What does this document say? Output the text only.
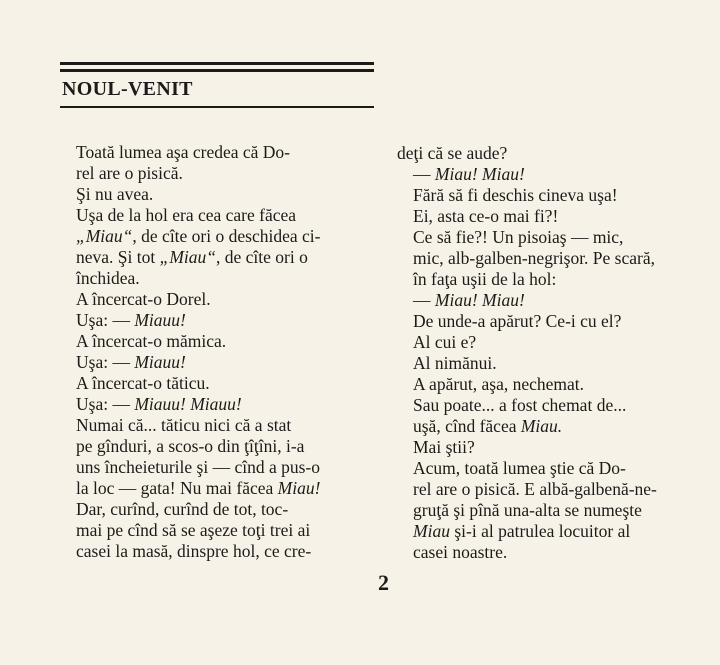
NOUL-VENIT

Toată lumea aşa credea că Do-
rel are o pisică.

Şi nu avea.

Uşa de la hol era cea care făcea
„Miau“, de cîte ori o deschidea ci-
neva. Şi tot „Miau“, de cîte ori o
închidea.

A încercat-o Dorel.

Uşa: — Miauu!

A încercat-o mămica.

Uşa: — Miauu!

A încercat-o tăticu.

Uşa: — Miauu! Miauu!

Numai că... tăticu nici că a stat
pe gînduri, a scos-o din ţîţîni, i-a
uns încheieturile şi — cînd a pus-o
la loc — gata! Nu mai făcea Miau!

Dar, curînd, curînd de tot, toc-
mai pe cînd să se aşeze toţi trei ai
casei la masă, dinspre hol, ce cre-

deţi că se aude?

— Miau! Miau!

Fără să fi deschis cineva uşa!

Ei, asta ce-o mai fi?!

Ce să fie?! Un pisoiaş — mic,
mic, alb-galben-negrişor. Pe scară,
în faţa uşii de la hol:

— Miau! Miau!

De unde-a apărut? Ce-i cu el?
Al cui e?

Al nimănui.

A apărut, aşa, nechemat.

Sau poate... a fost chemat de...
uşă, cînd făcea Miau.

Mai ştii?

Acum, toată lumea ştie că Do-
rel are o pisică. E albă-galbenă-ne-
gruţă şi pînă una-alta se numeşte
Miau şi-i al patrulea locuitor al
casei noastre.

2
